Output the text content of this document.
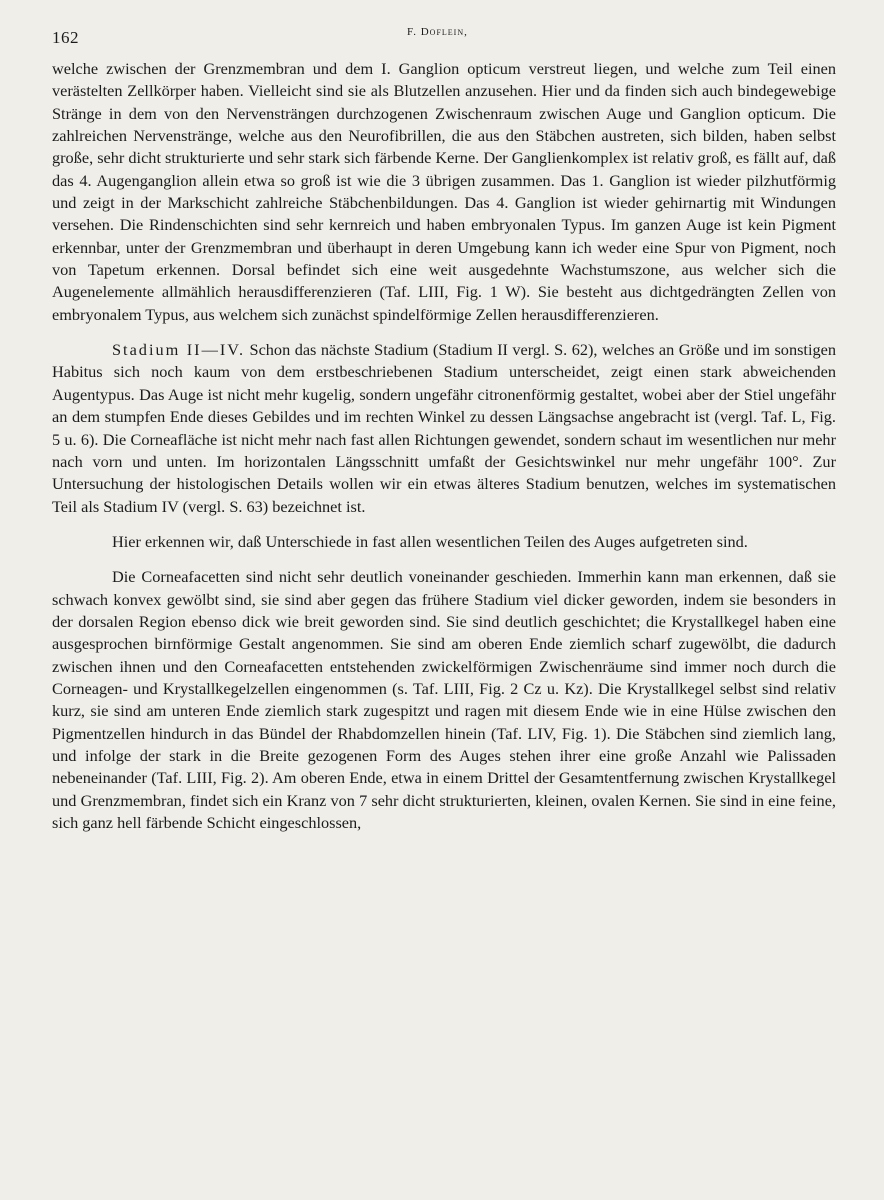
162	F. Doflein,

welche zwischen der Grenzmembran und dem I. Ganglion opticum verstreut liegen, und welche zum Teil einen verästelten Zellkörper haben. Vielleicht sind sie als Blutzellen anzusehen. Hier und da finden sich auch bindegewebige Stränge in dem von den Nervensträngen durchzogenen Zwischenraum zwischen Auge und Ganglion opticum. Die zahlreichen Nervenstränge, welche aus den Neurofibrillen, die aus den Stäbchen austreten, sich bilden, haben selbst große, sehr dicht strukturierte und sehr stark sich färbende Kerne. Der Ganglienkomplex ist relativ groß, es fällt auf, daß das 4. Augenganglion allein etwa so groß ist wie die 3 übrigen zusammen. Das 1. Ganglion ist wieder pilzhutförmig und zeigt in der Markschicht zahlreiche Stäbchenbildungen. Das 4. Ganglion ist wieder gehirnartig mit Windungen versehen. Die Rindenschichten sind sehr kernreich und haben embryonalen Typus. Im ganzen Auge ist kein Pigment erkennbar, unter der Grenzmembran und überhaupt in deren Umgebung kann ich weder eine Spur von Pigment, noch von Tapetum erkennen. Dorsal befindet sich eine weit ausgedehnte Wachstumszone, aus welcher sich die Augenelemente allmählich herausdifferenzieren (Taf. LIII, Fig. 1 W). Sie besteht aus dichtgedrängten Zellen von embryonalem Typus, aus welchem sich zunächst spindelförmige Zellen herausdifferenzieren.

Stadium II—IV. Schon das nächste Stadium (Stadium II vergl. S. 62), welches an Größe und im sonstigen Habitus sich noch kaum von dem erstbeschriebenen Stadium unterscheidet, zeigt einen stark abweichenden Augentypus. Das Auge ist nicht mehr kugelig, sondern ungefähr citronenförmig gestaltet, wobei aber der Stiel ungefähr an dem stumpfen Ende dieses Gebildes und im rechten Winkel zu dessen Längsachse angebracht ist (vergl. Taf. L, Fig. 5 u. 6). Die Corneafläche ist nicht mehr nach fast allen Richtungen gewendet, sondern schaut im wesentlichen nur mehr nach vorn und unten. Im horizontalen Längsschnitt umfaßt der Gesichtswinkel nur mehr ungefähr 100°. Zur Untersuchung der histologischen Details wollen wir ein etwas älteres Stadium benutzen, welches im systematischen Teil als Stadium IV (vergl. S. 63) bezeichnet ist.

Hier erkennen wir, daß Unterschiede in fast allen wesentlichen Teilen des Auges aufgetreten sind.

Die Corneafacetten sind nicht sehr deutlich voneinander geschieden. Immerhin kann man erkennen, daß sie schwach konvex gewölbt sind, sie sind aber gegen das frühere Stadium viel dicker geworden, indem sie besonders in der dorsalen Region ebenso dick wie breit geworden sind. Sie sind deutlich geschichtet; die Krystallkegel haben eine ausgesprochen birnförmige Gestalt angenommen. Sie sind am oberen Ende ziemlich scharf zugewölbt, die dadurch zwischen ihnen und den Corneafacetten entstehenden zwickelförmigen Zwischenräume sind immer noch durch die Corneagen- und Krystallkegelzellen eingenommen (s. Taf. LIII, Fig. 2 Cz u. Kz). Die Krystallkegel selbst sind relativ kurz, sie sind am unteren Ende ziemlich stark zugespitzt und ragen mit diesem Ende wie in eine Hülse zwischen den Pigmentzellen hindurch in das Bündel der Rhabdomzellen hinein (Taf. LIV, Fig. 1). Die Stäbchen sind ziemlich lang, und infolge der stark in die Breite gezogenen Form des Auges stehen ihrer eine große Anzahl wie Palissaden nebeneinander (Taf. LIII, Fig. 2). Am oberen Ende, etwa in einem Drittel der Gesamtentfernung zwischen Krystallkegel und Grenzmembran, findet sich ein Kranz von 7 sehr dicht strukturierten, kleinen, ovalen Kernen. Sie sind in eine feine, sich ganz hell färbende Schicht eingeschlossen,
